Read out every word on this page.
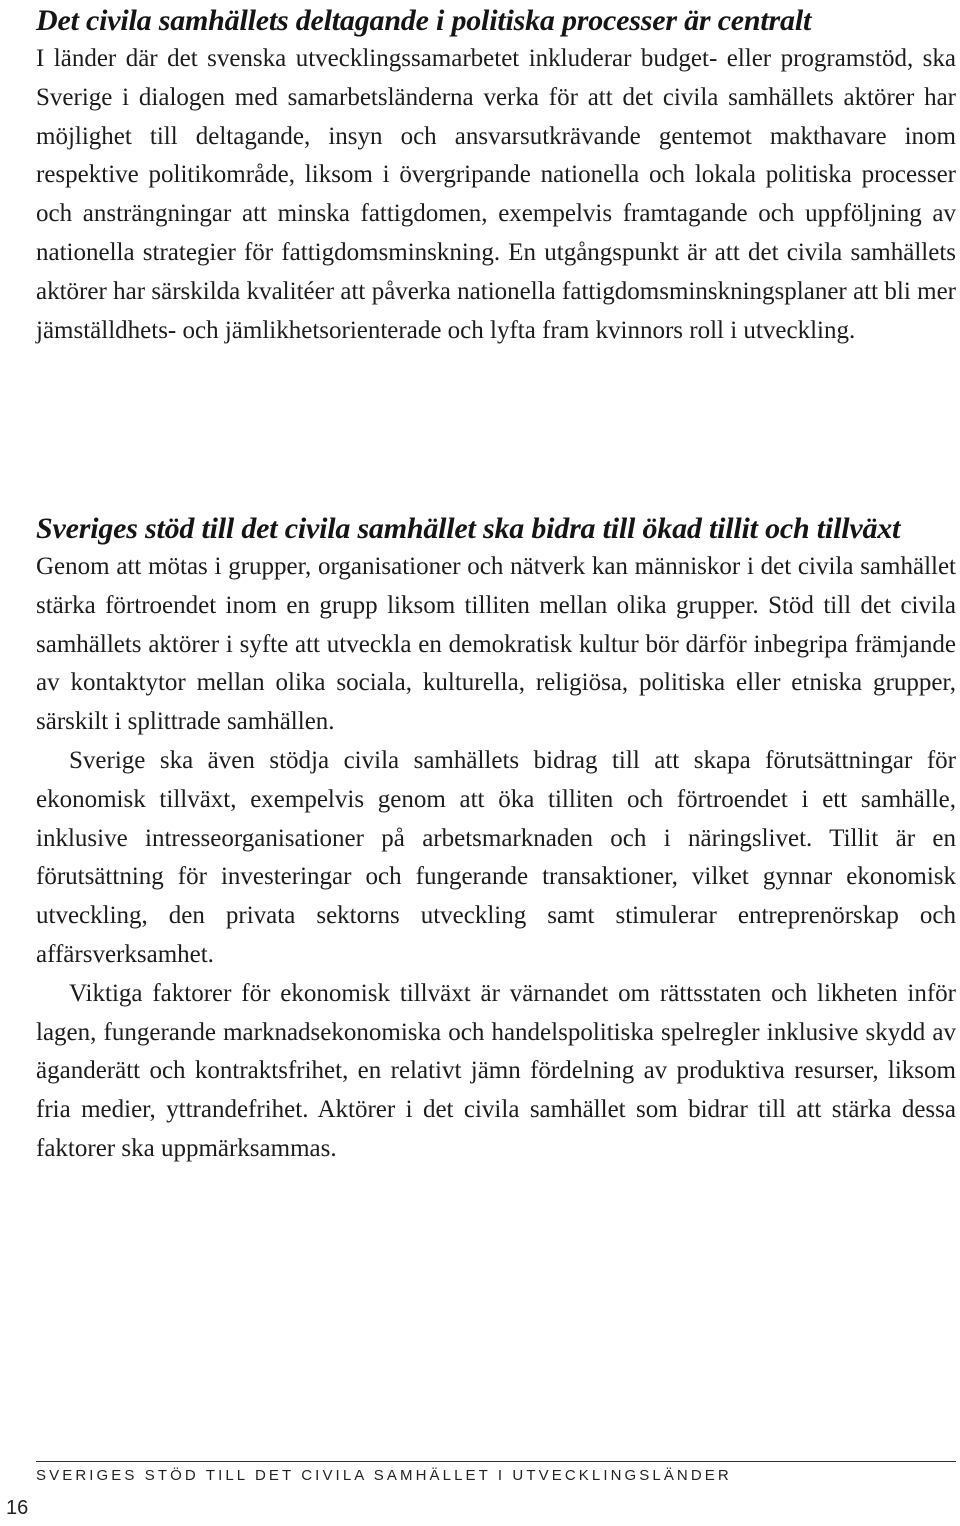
Det civila samhällets deltagande i politiska processer är centralt

I länder där det svenska utvecklingssamarbetet inkluderar budget- eller programstöd, ska Sverige i dialogen med samarbetsländerna verka för att det civila samhällets aktörer har möjlighet till deltagande, insyn och ansvarsutkrävande gentemot makthavare inom respektive politikområde, liksom i övergripande nationella och lokala politiska processer och ansträngningar att minska fattigdomen, exempelvis framtagande och uppföljning av nationella strategier för fattigdomsminskning. En utgångspunkt är att det civila samhällets aktörer har särskilda kvalitéer att påverka nationella fattigdomsminskningsplaner att bli mer jämställdhets- och jämlikhetsorienterade och lyfta fram kvinnors roll i utveckling.

Sveriges stöd till det civila samhället ska bidra till ökad tillit och tillväxt

Genom att mötas i grupper, organisationer och nätverk kan människor i det civila samhället stärka förtroendet inom en grupp liksom tilliten mellan olika grupper. Stöd till det civila samhällets aktörer i syfte att utveckla en demokratisk kultur bör därför inbegripa främjande av kontaktytor mellan olika sociala, kulturella, religiösa, politiska eller etniska grupper, särskilt i splittrade samhällen.

Sverige ska även stödja civila samhällets bidrag till att skapa förutsättningar för ekonomisk tillväxt, exempelvis genom att öka tilliten och förtroendet i ett samhälle, inklusive intresseorganisationer på arbetsmarknaden och i näringslivet. Tillit är en förutsättning för investeringar och fungerande transaktioner, vilket gynnar ekonomisk utveckling, den privata sektorns utveckling samt stimulerar entreprenörskap och affärsverksamhet.

Viktiga faktorer för ekonomisk tillväxt är värnandet om rättsstaten och likheten inför lagen, fungerande marknadsekonomiska och handelspolitiska spelregler inklusive skydd av äganderätt och kontraktsfrihet, en relativt jämn fördelning av produktiva resurser, liksom fria medier, yttrandefrihet. Aktörer i det civila samhället som bidrar till att stärka dessa faktorer ska uppmärksammas.

SVERIGES STÖD TILL DET CIVILA SAMHÄLLET I UTVECKLINGSLÄNDER
16
